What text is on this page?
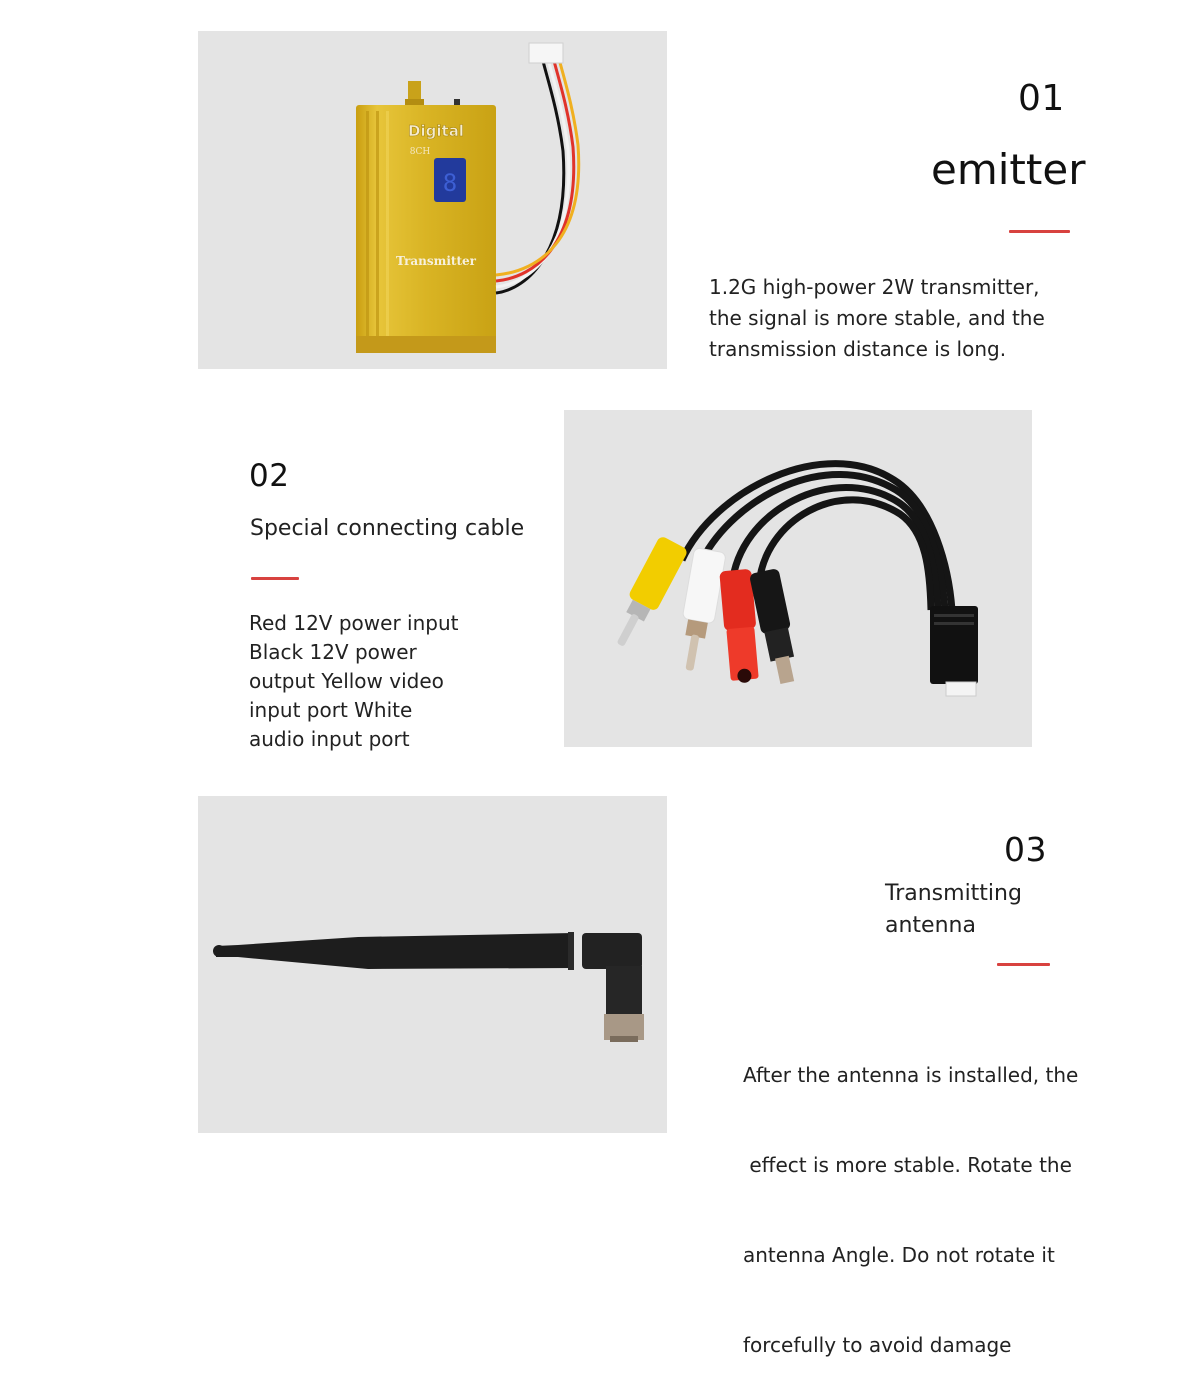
8
Digital
8CH
Transmitter
01
emitter
1.2G high-power 2W transmitter,
the signal is more stable, and the
transmission distance is long.
02
Special connecting cable
Red 12V power input
Black 12V power
output Yellow video
input port White
audio input port
03
Transmitting
antenna

After the antenna is installed, the

effect is more stable. Rotate the

antenna Angle. Do not rotate it

forcefully to avoid damage
